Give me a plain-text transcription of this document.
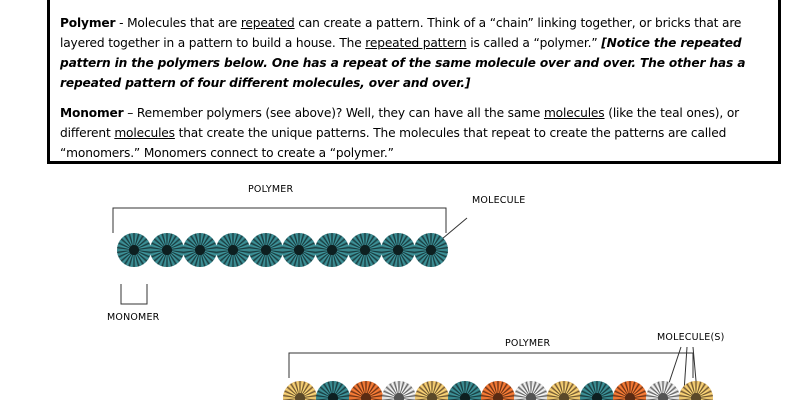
Polymer - Molecules that are repeated can create a pattern. Think of a “chain” linking together, or bricks that are layered together in a pattern to build a house. The repeated pattern is called a “polymer.” [Notice the repeated pattern in the polymers below. One has a repeat of the same molecule over and over. The other has a repeated pattern of four different molecules, over and over.]

Monomer – Remember polymers (see above)? Well, they can have all the same molecules (like the teal ones), or different molecules that create the unique patterns. The molecules that repeat to create the patterns are called “monomers.” Monomers connect to create a “polymer.”

POLYMER
MOLECULE
MONOMER
POLYMER
MOLECULE(S)
